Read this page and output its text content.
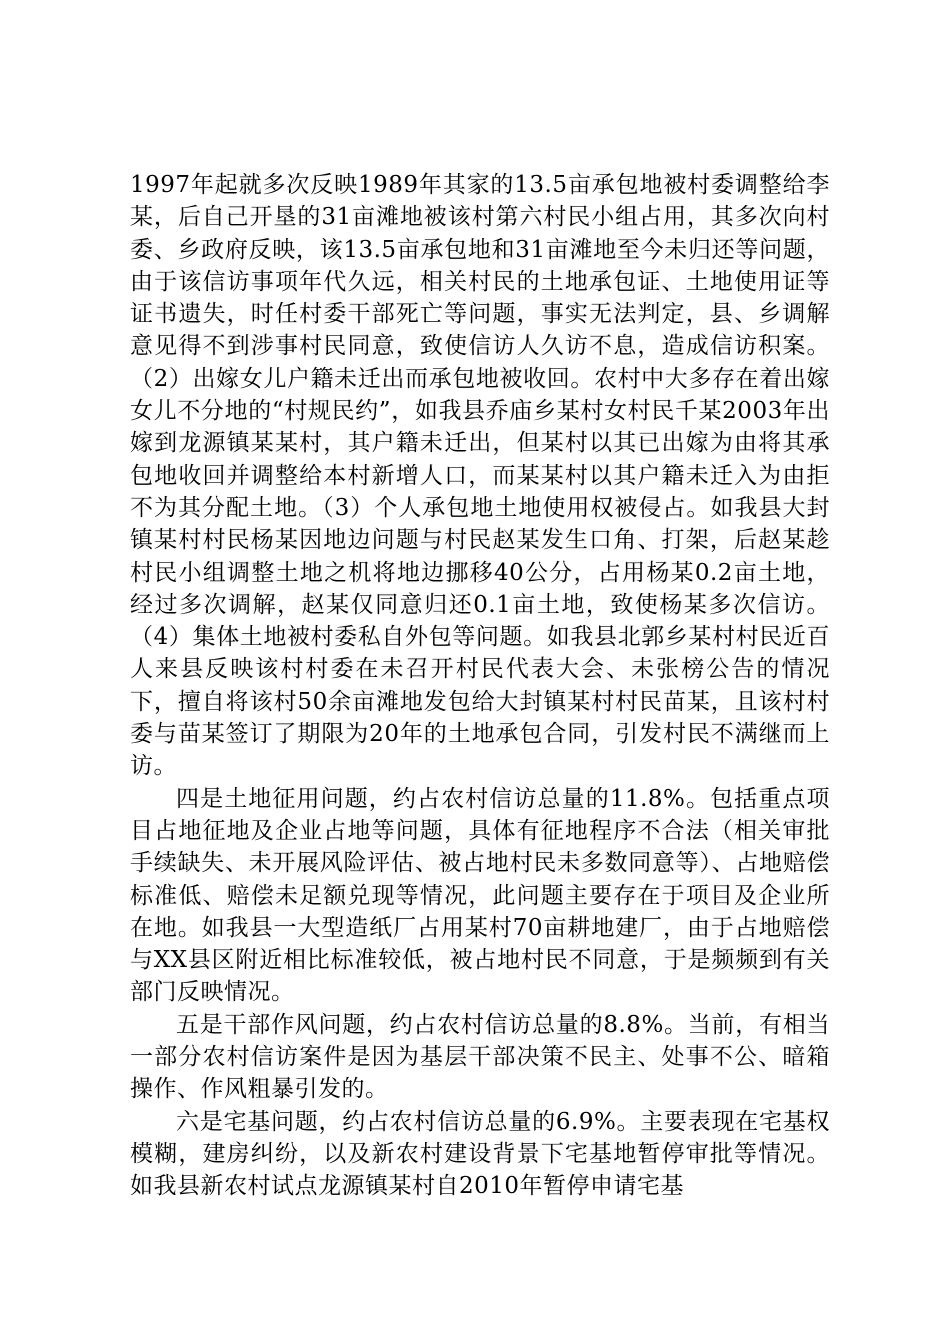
1997年起就多次反映1989年其家的13.5亩承包地被村委调整给李某，后自己开垦的31亩滩地被该村第六村民小组占用，其多次向村委、乡政府反映，该13.5亩承包地和31亩滩地至今未归还等问题，由于该信访事项年代久远，相关村民的土地承包证、土地使用证等证书遗失，时任村委干部死亡等问题，事实无法判定，县、乡调解意见得不到涉事村民同意，致使信访人久访不息，造成信访积案。（2）出嫁女儿户籍未迁出而承包地被收回。农村中大多存在着出嫁女儿不分地的“村规民约”，如我县乔庙乡某村女村民千某2003年出嫁到龙源镇某某村，其户籍未迁出，但某村以其已出嫁为由将其承包地收回并调整给本村新增人口，而某某村以其户籍未迁入为由拒不为其分配土地。（3）个人承包地土地使用权被侵占。如我县大封镇某村村民杨某因地边问题与村民赵某发生口角、打架，后赵某趁村民小组调整土地之机将地边挪移40公分，占用杨某0.2亩土地，经过多次调解，赵某仅同意归还0.1亩土地，致使杨某多次信访。（4）集体土地被村委私自外包等问题。如我县北郭乡某村村民近百人来县反映该村村委在未召开村民代表大会、未张榜公告的情况下，擅自将该村50余亩滩地发包给大封镇某村村民苗某，且该村村委与苗某签订了期限为20年的土地承包合同，引发村民不满继而上访。

四是土地征用问题，约占农村信访总量的11.8%。包括重点项目占地征地及企业占地等问题，具体有征地程序不合法（相关审批手续缺失、未开展风险评估、被占地村民未多数同意等）、占地赔偿标准低、赔偿未足额兑现等情况，此问题主要存在于项目及企业所在地。如我县一大型造纸厂占用某村70亩耕地建厂，由于占地赔偿与XX县区附近相比标准较低，被占地村民不同意，于是频频到有关部门反映情况。

五是干部作风问题，约占农村信访总量的8.8%。当前，有相当一部分农村信访案件是因为基层干部决策不民主、处事不公、暗箱操作、作风粗暴引发的。

六是宅基问题，约占农村信访总量的6.9%。主要表现在宅基权模糊，建房纠纷，以及新农村建设背景下宅基地暂停审批等情况。如我县新农村试点龙源镇某村自2010年暂停申请宅基
